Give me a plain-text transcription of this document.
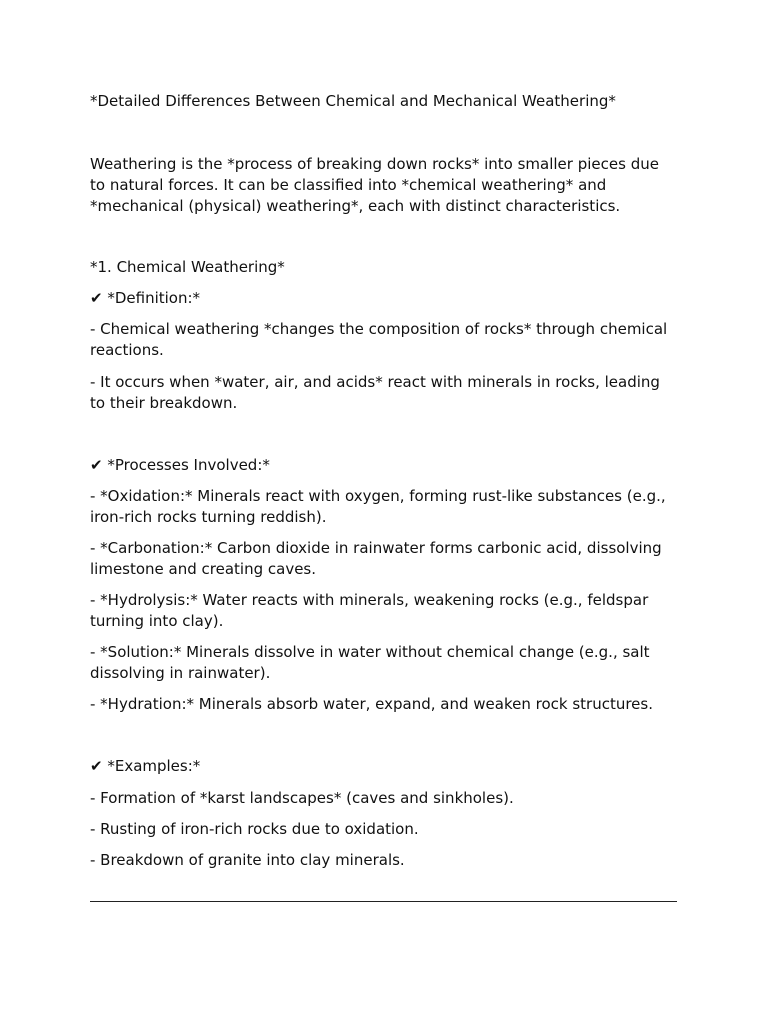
*Detailed Differences Between Chemical and Mechanical Weathering*

Weathering is the *process of breaking down rocks* into smaller pieces due to natural forces. It can be classified into *chemical weathering* and *mechanical (physical) weathering*, each with distinct characteristics.

*1. Chemical Weathering*

✔ *Definition:*

- Chemical weathering *changes the composition of rocks* through chemical reactions.

- It occurs when *water, air, and acids* react with minerals in rocks, leading to their breakdown.

✔ *Processes Involved:*

- *Oxidation:* Minerals react with oxygen, forming rust-like substances (e.g., iron-rich rocks turning reddish).

- *Carbonation:* Carbon dioxide in rainwater forms carbonic acid, dissolving limestone and creating caves.

- *Hydrolysis:* Water reacts with minerals, weakening rocks (e.g., feldspar turning into clay).

- *Solution:* Minerals dissolve in water without chemical change (e.g., salt dissolving in rainwater).

- *Hydration:* Minerals absorb water, expand, and weaken rock structures.

✔ *Examples:*

- Formation of *karst landscapes* (caves and sinkholes).

- Rusting of iron-rich rocks due to oxidation.

- Breakdown of granite into clay minerals.
